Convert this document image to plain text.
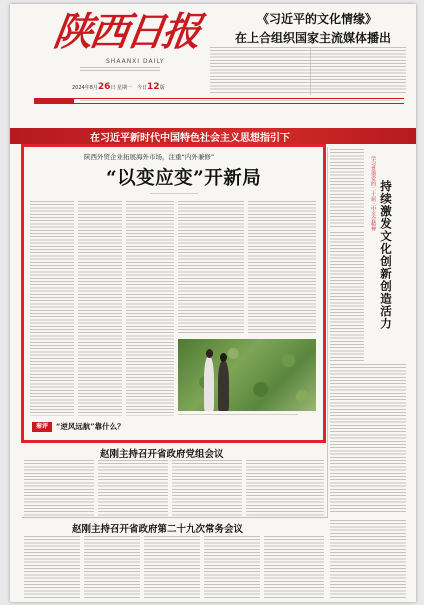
陕西日报
SHAANXI DAILY
《习近平的文化情缘》
在上合组织国家主流媒体播出
2024年8月26日 星期一　今日12版
在习近平新时代中国特色社会主义思想指引下
陕西外贸企业拓展海外市场，注重“内外兼修”
“以变应变”开新局
秦评	“逆风远航”靠什么？
学习贯彻党的二十届三中全会精神 持续激发文化创新创造活力
赵刚主持召开省政府党组会议
赵刚主持召开省政府第二十九次常务会议
